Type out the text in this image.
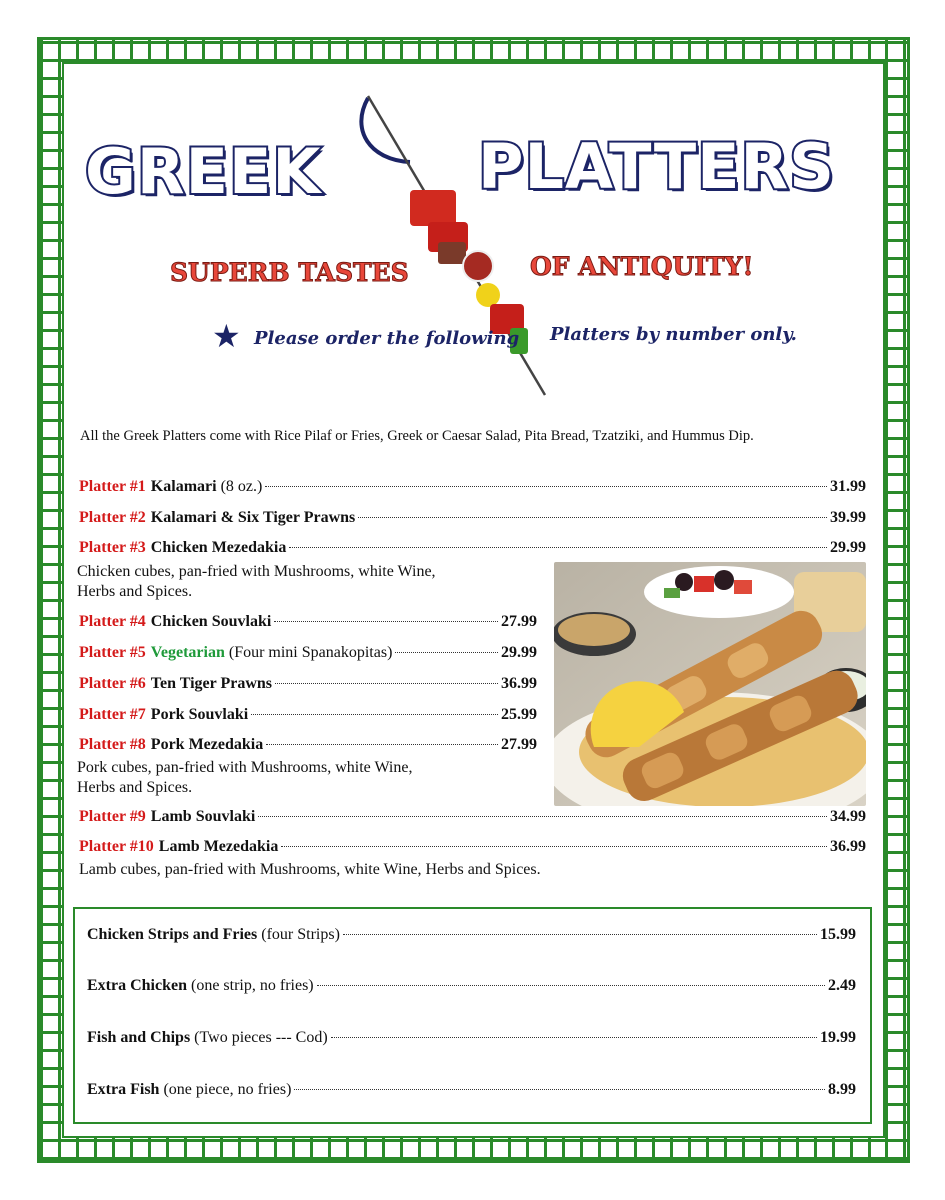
GREEK	PLATTERS
SUPERB TASTES	OF ANTIQUITY!
★ Please order the following Platters by number only.
All the Greek Platters come with Rice Pilaf or Fries, Greek or Caesar Salad, Pita Bread, Tzatziki, and Hummus Dip.
Platter #1 Kalamari (8 oz.)	31.99
Platter #2 Kalamari & Six Tiger Prawns	39.99
Platter #3 Chicken Mezedakia	29.99
Chicken cubes, pan-fried with Mushrooms, white Wine,
Herbs and Spices.
Platter #4 Chicken Souvlaki	27.99
Platter #5 Vegetarian (Four mini Spanakopitas)	29.99
Platter #6 Ten Tiger Prawns	36.99
Platter #7 Pork Souvlaki	25.99
Platter #8 Pork Mezedakia	27.99
Pork cubes, pan-fried with Mushrooms, white Wine,
Herbs and Spices.
Platter #9 Lamb Souvlaki	34.99
Platter #10 Lamb Mezedakia	36.99
Lamb cubes, pan-fried with Mushrooms, white Wine, Herbs and Spices.
Chicken Strips and Fries (four Strips)	15.99
Extra Chicken (one strip, no fries)	2.49
Fish and Chips (Two pieces --- Cod)	19.99
Extra Fish (one piece, no fries)	8.99
